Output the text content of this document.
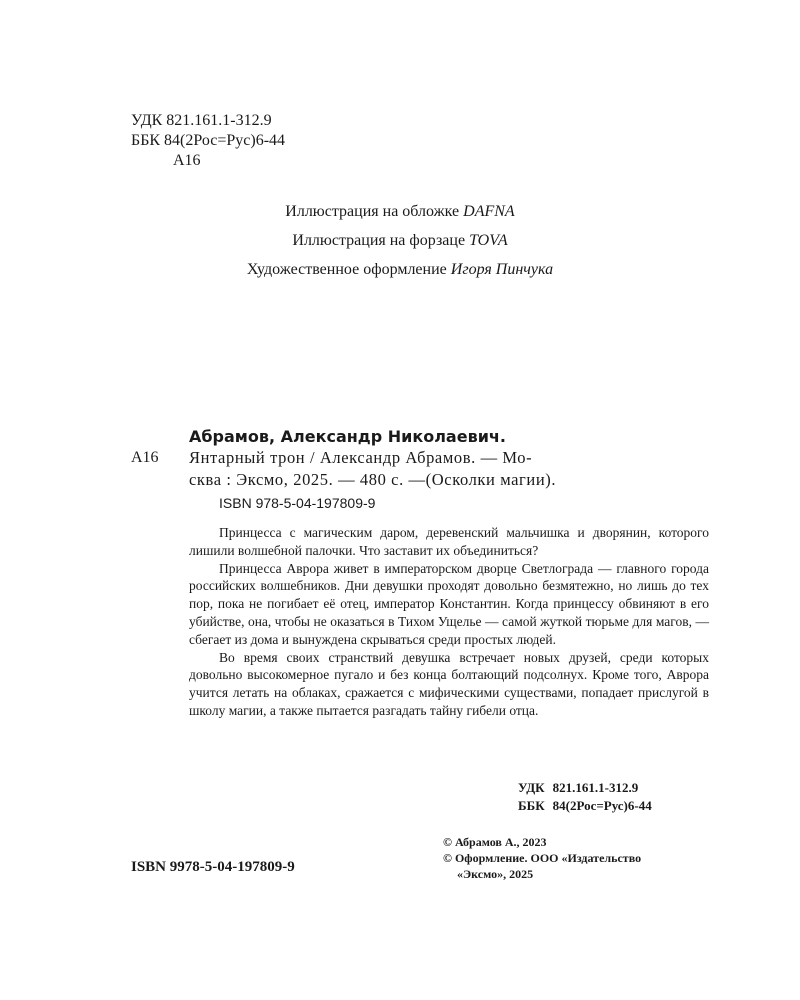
УДК 821.161.1-312.9
ББК 84(2Рос=Рус)6-44
А16
Иллюстрация на обложке DAFNA
Иллюстрация на форзаце TOVA
Художественное оформление Игоря Пинчука
Абрамов, Александр Николаевич.
А16 Янтарный трон / Александр Абрамов. — Мо-
сква : Эксмо, 2025. — 480 с. —(Осколки магии).
ISBN 978-5-04-197809-9

Принцесса с магическим даром, деревенский мальчишка и дворянин, которого лишили волшебной палочки. Что заставит их объединиться?

Принцесса Аврора живет в императорском дворце Светлограда — главного города российских волшебников. Дни девушки проходят довольно безмятежно, но лишь до тех пор, пока не погибает её отец, император Константин. Когда принцессу обвиняют в его убийстве, она, чтобы не оказаться в Тихом Ущелье — самой жуткой тюрьме для магов, — сбегает из дома и вынуждена скрываться среди простых людей.

Во время своих странствий девушка встречает новых друзей, среди которых довольно высокомерное пугало и без конца болтающий подсолнух. Кроме того, Аврора учится летать на облаках, сражается с мифическими существами, попадает прислугой в школу магии, а также пытается разгадать тайну гибели отца.

УДК 821.161.1-312.9
ББК 84(2Рос=Рус)6-44
ISBN 9978-5-04-197809-9
© Абрамов А., 2023
© Оформление. ООО «Издательство
«Эксмо», 2025
